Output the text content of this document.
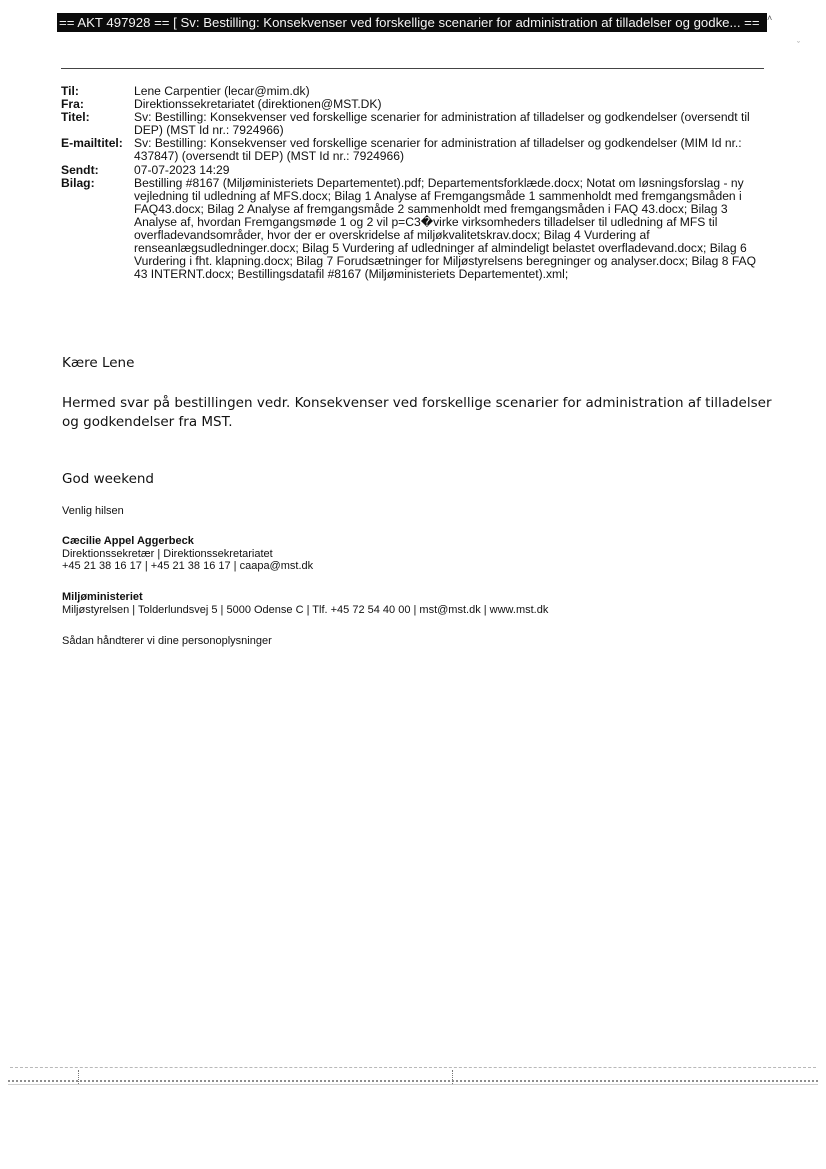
== AKT 497928 == [ Sv: Bestilling: Konsekvenser ved forskellige scenarier for administration af tilladelser og godke... == ˄
ˇ
Til:	Lene Carpentier (lecar@mim.dk)
Fra:	Direktionssekretariatet (direktionen@MST.DK)
Titel:	Sv: Bestilling: Konsekvenser ved forskellige scenarier for administration af tilladelser og godkendelser (oversendt til DEP) (MST Id nr.: 7924966)
E-mailtitel: Sv: Bestilling: Konsekvenser ved forskellige scenarier for administration af tilladelser og godkendelser (MIM Id nr.: 437847) (oversendt til DEP) (MST Id nr.: 7924966)
Sendt:	07-07-2023 14:29
Bilag:	Bestilling #8167 (Miljøministeriets Departementet).pdf; Departementsforklæde.docx; Notat om løsningsforslag - ny vejledning til udledning af MFS.docx; Bilag 1 Analyse af Fremgangsmåde 1 sammenholdt med fremgangsmåden i FAQ43.docx; Bilag 2 Analyse af fremgangsmåde 2 sammenholdt med fremgangsmåden i FAQ 43.docx; Bilag 3 Analyse af, hvordan Fremgangsmøde 1 og 2 vil p=C3�virke virksomheders tilladelser til udledning af MFS til overfladevandsområder, hvor der er overskridelse af miljøkvalitetskrav.docx; Bilag 4 Vurdering af renseanlægsudledninger.docx; Bilag 5 Vurdering af udledninger af almindeligt belastet overfladevand.docx; Bilag 6 Vurdering i fht. klapning.docx; Bilag 7 Forudsætninger for Miljøstyrelsens beregninger og analyser.docx; Bilag 8 FAQ 43 INTERNT.docx; Bestillingsdatafil #8167 (Miljøministeriets Departementet).xml;
Kære Lene
Hermed svar på bestillingen vedr. Konsekvenser ved forskellige scenarier for administration af tilladelser og godkendelser fra MST.
God weekend
Venlig hilsen
Cæcilie Appel Aggerbeck
Direktionssekretær | Direktionssekretariatet
+45 21 38 16 17 | +45 21 38 16 17 | caapa@mst.dk
Miljøministeriet
Miljøstyrelsen | Tolderlundsvej 5 | 5000 Odense C | Tlf. +45 72 54 40 00 | mst@mst.dk | www.mst.dk
Sådan håndterer vi dine personoplysninger
